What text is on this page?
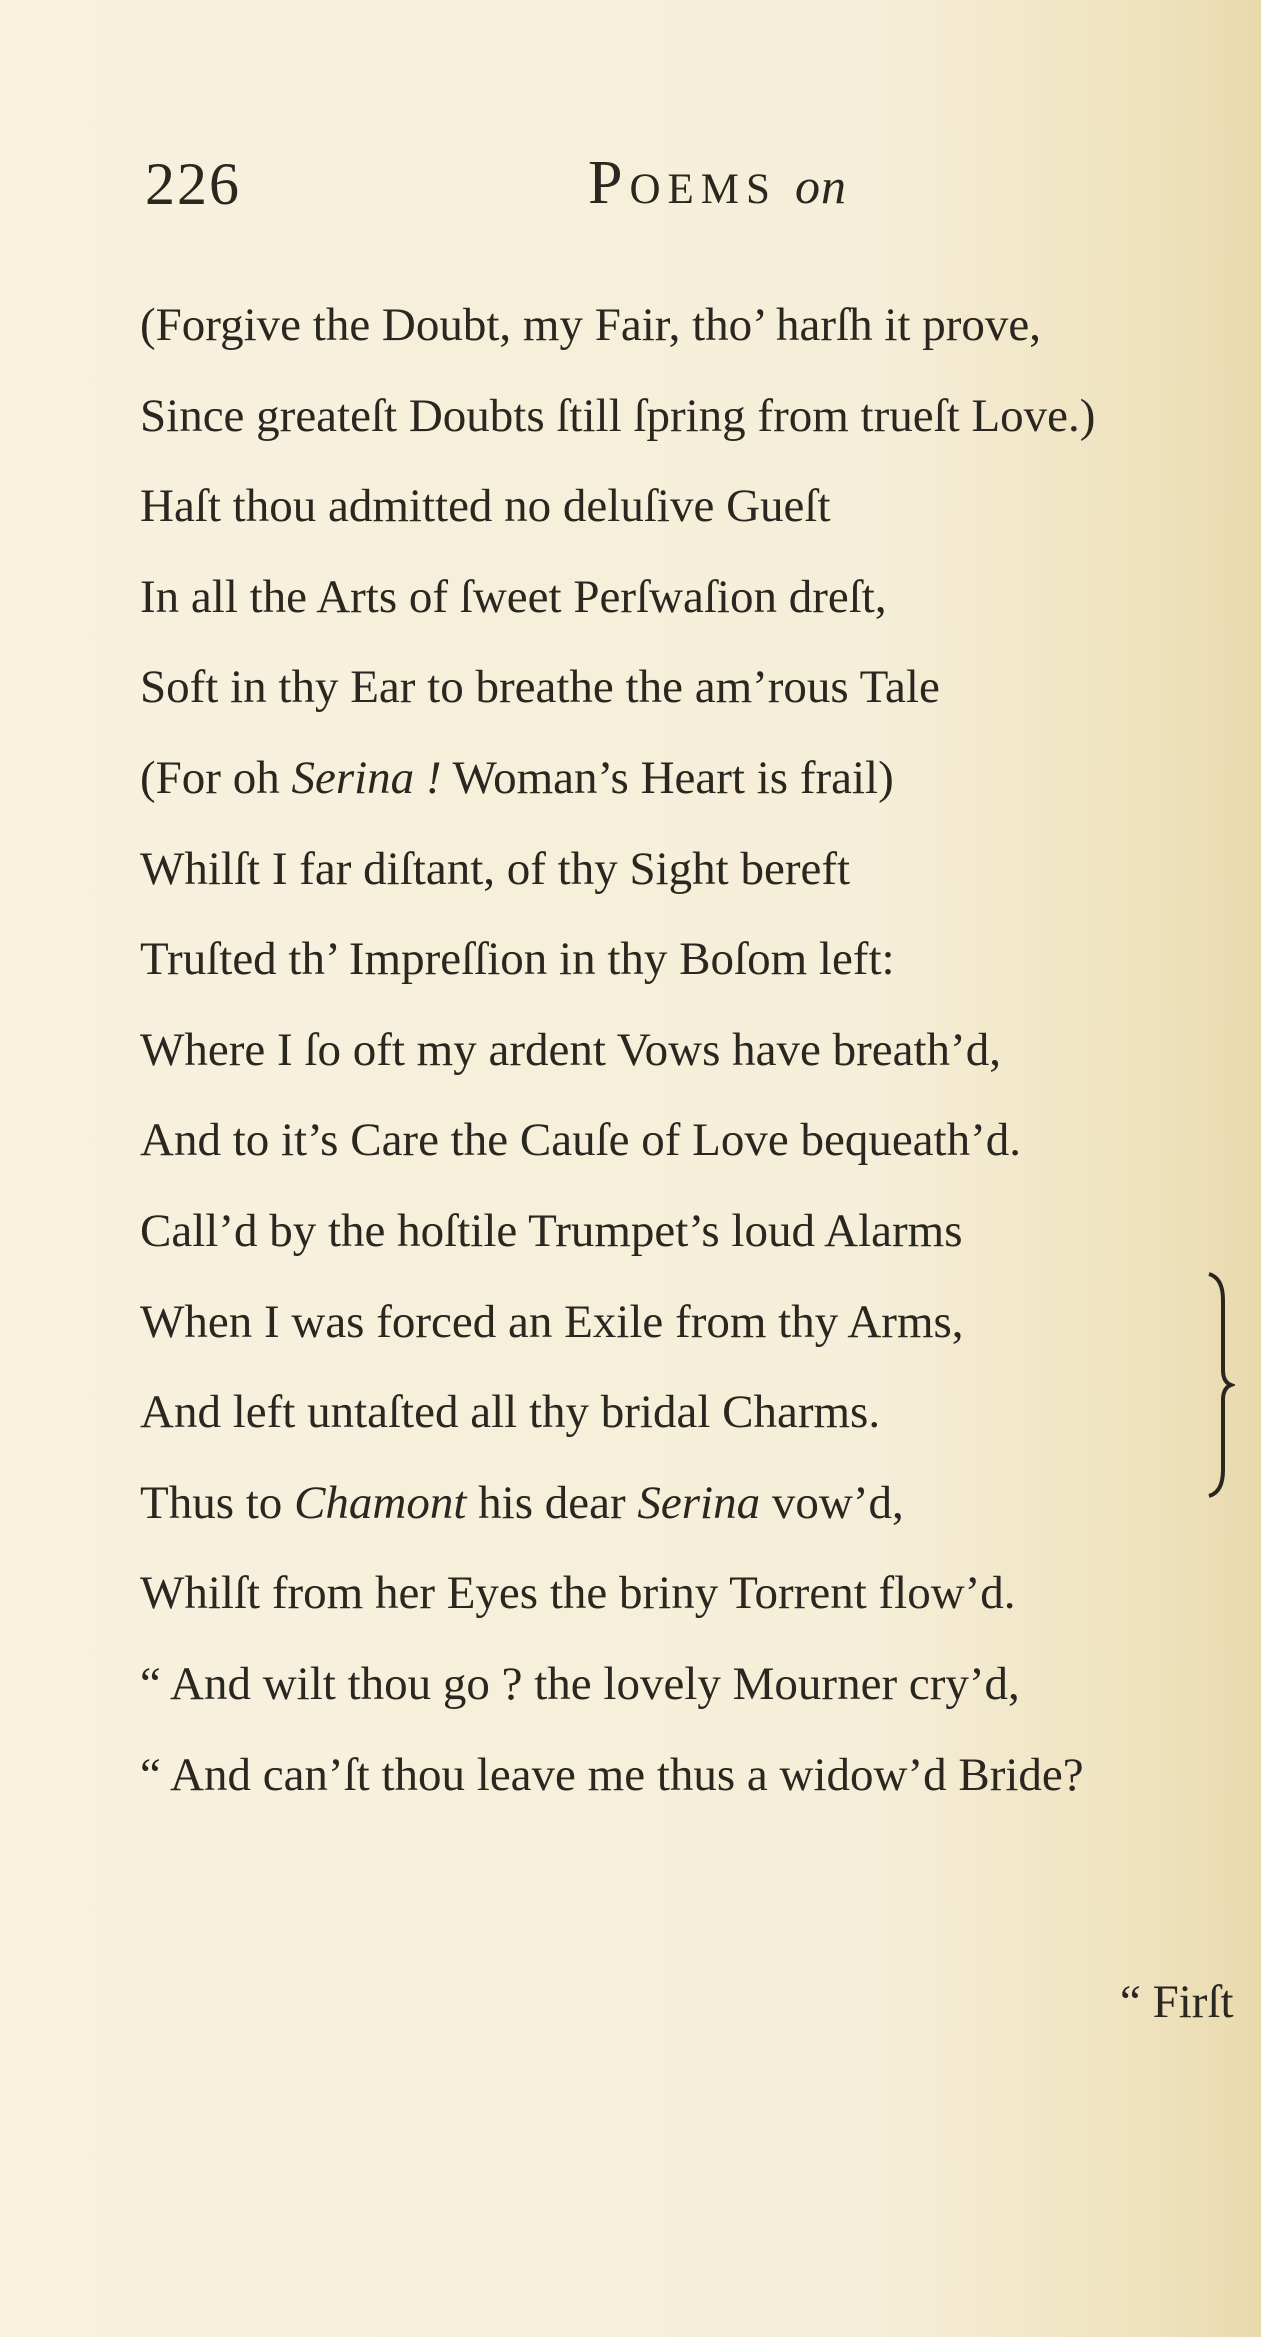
226	Poems on
(Forgive the Doubt, my Fair, tho’ harſh it prove,
Since greateſt Doubts ſtill ſpring from trueſt Love.)
Haſt thou admitted no deluſive Gueſt
In all the Arts of ſweet Perſwaſion dreſt,
Soft in thy Ear to breathe the am’rous Tale
(For oh Serina ! Woman’s Heart is frail)
Whilſt I far diſtant, of thy Sight bereft
Truſted th’ Impreſſion in thy Boſom left:
Where I ſo oft my ardent Vows have breath’d,
And to it’s Care the Cauſe of Love bequeath’d.
Call’d by the hoſtile Trumpet’s loud Alarms
When I was forced an Exile from thy Arms,
And left untaſted all thy bridal Charms.
Thus to Chamont his dear Serina vow’d,
Whilſt from her Eyes the briny Torrent flow’d.
“ And wilt thou go ? the lovely Mourner cry’d,
“ And can’ſt thou leave me thus a widow’d Bride?
“ Firſt
